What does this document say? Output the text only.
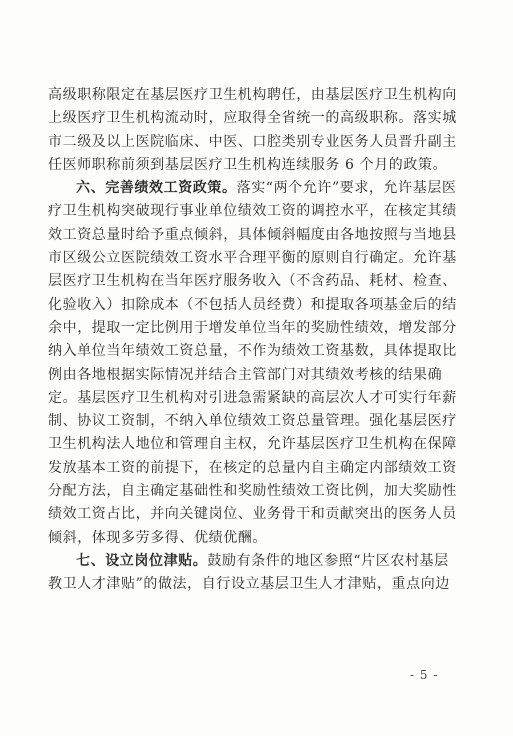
高级职称限定在基层医疗卫生机构聘任，由基层医疗卫生机构向
上级医疗卫生机构流动时，应取得全省统一的高级职称。落实城
市二级及以上医院临床、中医、口腔类别专业医务人员晋升副主
任医师职称前须到基层医疗卫生机构连续服务 6 个月的政策。
六、完善绩效工资政策。落实“两个允许”要求，允许基层医
疗卫生机构突破现行事业单位绩效工资的调控水平，在核定其绩
效工资总量时给予重点倾斜，具体倾斜幅度由各地按照与当地县
市区级公立医院绩效工资水平合理平衡的原则自行确定。允许基
层医疗卫生机构在当年医疗服务收入（不含药品、耗材、检查、
化验收入）扣除成本（不包括人员经费）和提取各项基金后的结
余中，提取一定比例用于增发单位当年的奖励性绩效，增发部分
纳入单位当年绩效工资总量，不作为绩效工资基数，具体提取比
例由各地根据实际情况并结合主管部门对其绩效考核的结果确
定。基层医疗卫生机构对引进急需紧缺的高层次人才可实行年薪
制、协议工资制，不纳入单位绩效工资总量管理。强化基层医疗
卫生机构法人地位和管理自主权，允许基层医疗卫生机构在保障
发放基本工资的前提下，在核定的总量内自主确定内部绩效工资
分配方法，自主确定基础性和奖励性绩效工资比例，加大奖励性
绩效工资占比，并向关键岗位、业务骨干和贡献突出的医务人员
倾斜，体现多劳多得、优绩优酬。
七、设立岗位津贴。鼓励有条件的地区参照“片区农村基层
教卫人才津贴”的做法，自行设立基层卫生人才津贴，重点向边
- 5 -
